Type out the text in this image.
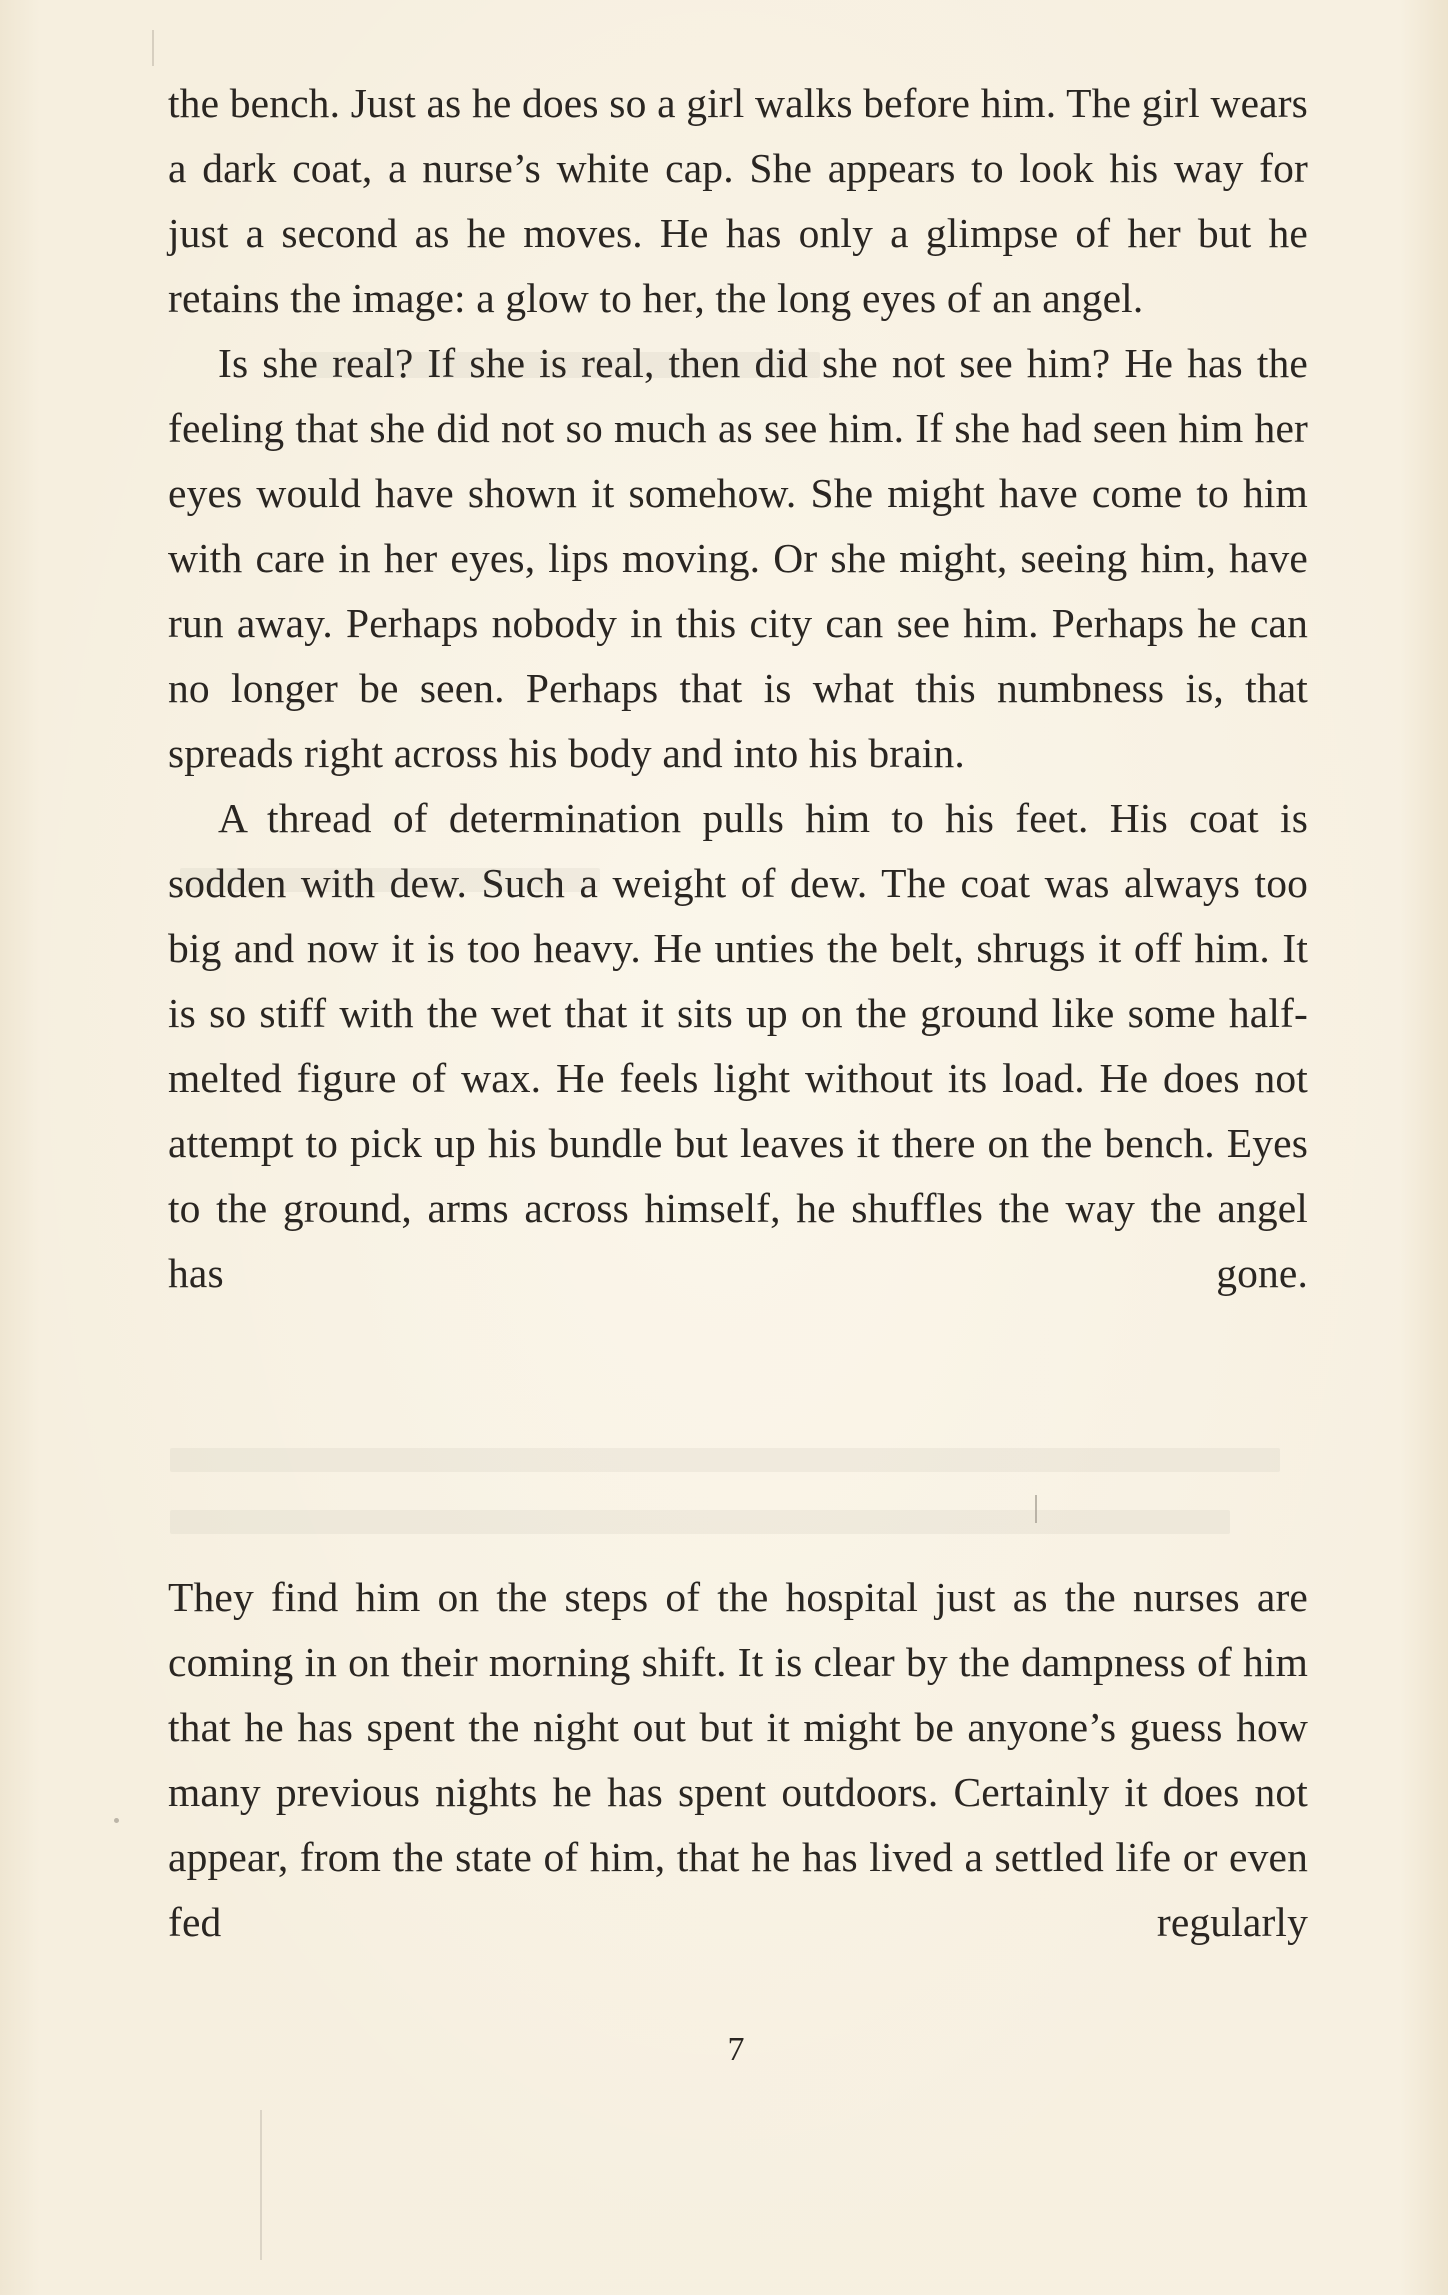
the bench. Just as he does so a girl walks before him. The girl wears a dark coat, a nurse’s white cap. She appears to look his way for just a second as he moves. He has only a glimpse of her but he retains the image: a glow to her, the long eyes of an angel.

Is she real? If she is real, then did she not see him? He has the feeling that she did not so much as see him. If she had seen him her eyes would have shown it somehow. She might have come to him with care in her eyes, lips moving. Or she might, seeing him, have run away. Perhaps nobody in this city can see him. Perhaps he can no longer be seen. Perhaps that is what this numbness is, that spreads right across his body and into his brain.

A thread of determination pulls him to his feet. His coat is sodden with dew. Such a weight of dew. The coat was always too big and now it is too heavy. He unties the belt, shrugs it off him. It is so stiff with the wet that it sits up on the ground like some half-melted figure of wax. He feels light without its load. He does not attempt to pick up his bundle but leaves it there on the bench. Eyes to the ground, arms across himself, he shuffles the way the angel has gone.

They find him on the steps of the hospital just as the nurses are coming in on their morning shift. It is clear by the dampness of him that he has spent the night out but it might be anyone’s guess how many previous nights he has spent outdoors. Certainly it does not appear, from the state of him, that he has lived a settled life or even fed regularly

7
